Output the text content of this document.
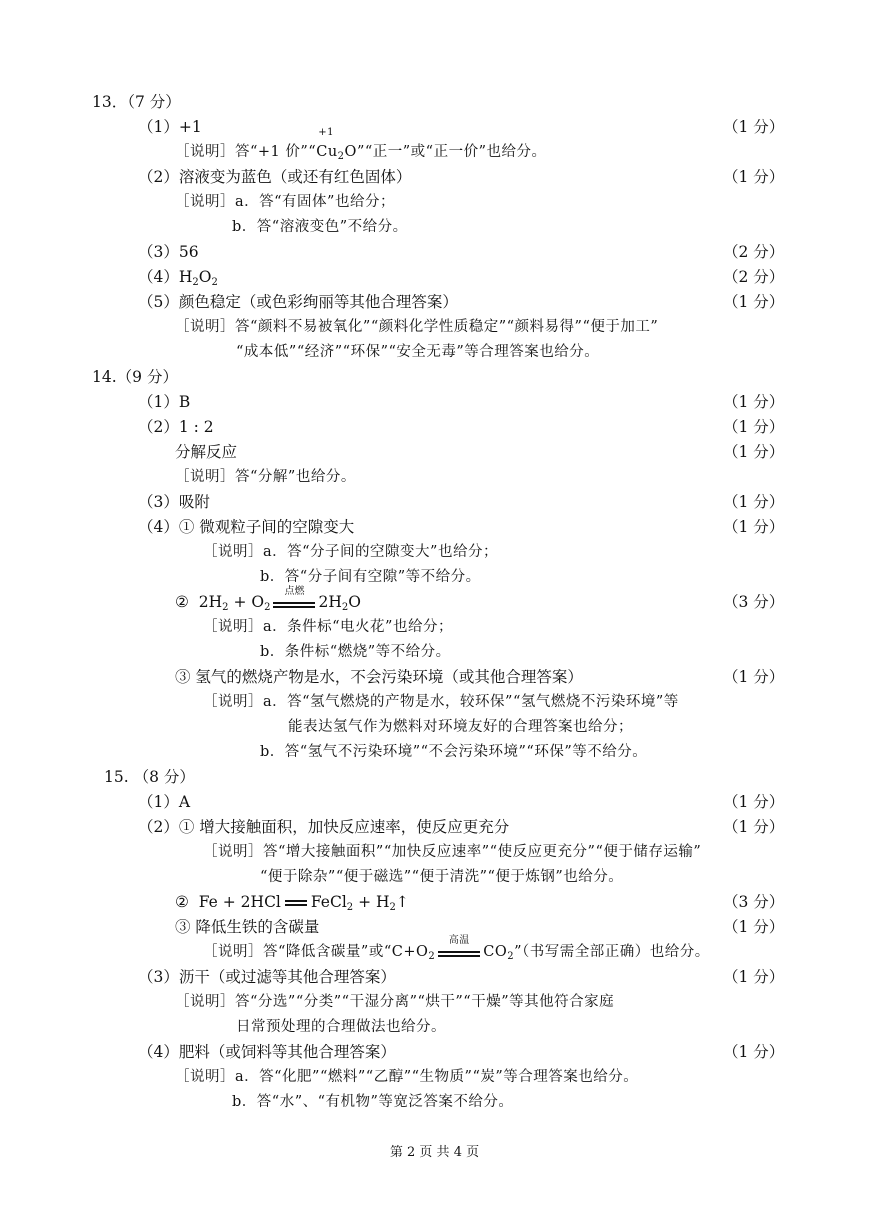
13．（7 分）
（1）+1	（1 分）
［说明］答“+1 价”“
+1
$Cu_2O”“$正一”或“正一价”也给分。
（2）溶液变为蓝色（或还有红色固体）	（1 分）
［说明］a．答“有固体”也给分；
b．答“溶液变色”不给分。
（3）56	（2 分）
$(4)H_2O_2$	（2 分）
（5）颜色稳定（或色彩绚丽等其他合理答案）	（1 分）
［说明］答“颜料不易被氧化”“颜料化学性质稳定”“颜料易得”“便于加工”
“成本低”“经济”“环保”“安全无毒”等合理答案也给分。
14.（9 分）
（1）B	（1 分）
（2）1 : 2	（1 分）
分解反应	（1 分）
［说明］答“分解”也给分。
（3）吸附	（1 分）
（4）① 微观粒子间的空隙变大	（1 分）
［说明］a．答“分子间的空隙变大”也给分；
b．答“分子间有空隙”等不给分。
② $2H_2 + O_2$
点燃
$2H_2O$	（3 分）
［说明］a．条件标“电火花”也给分；
b．条件标“燃烧”等不给分。
③ 氢气的燃烧产物是水，不会污染环境（或其他合理答案）	（1 分）
［说明］a．答“氢气燃烧的产物是水，较环保”“氢气燃烧不污染环境”等
能表达氢气作为燃料对环境友好的合理答案也给分；
b．答“氢气不污染环境”“不会污染环境”“环保”等不给分。
15. （8 分）
（1）A	（1 分）
（2）① 增大接触面积，加快反应速率，使反应更充分	（1 分）
［说明］答“增大接触面积”“加快反应速率”“使反应更充分”“便于储存运输”
“便于除杂”“便于磁选”“便于清洗”“便于炼钢”也给分。
② Fe + 2HCl FeCl$_2$ + $H_2↑$	（3 分）
③ 降低生铁的含碳量	（1 分）
［说明］答“降低含碳量”或“$C+O_2$
高温
$CO_2$”（书写需全部正确）也给分。
（3）沥干（或过滤等其他合理答案）	（1 分）
［说明］答“分选”“分类”“干湿分离”“烘干”“干燥”等其他符合家庭
日常预处理的合理做法也给分。
（4）肥料（或饲料等其他合理答案）	（1 分）
［说明］a．答“化肥”“燃料”“乙醇”“生物质”“炭”等合理答案也给分。
b．答“水”、“有机物”等宽泛答案不给分。
第 2 页 共 4 页
